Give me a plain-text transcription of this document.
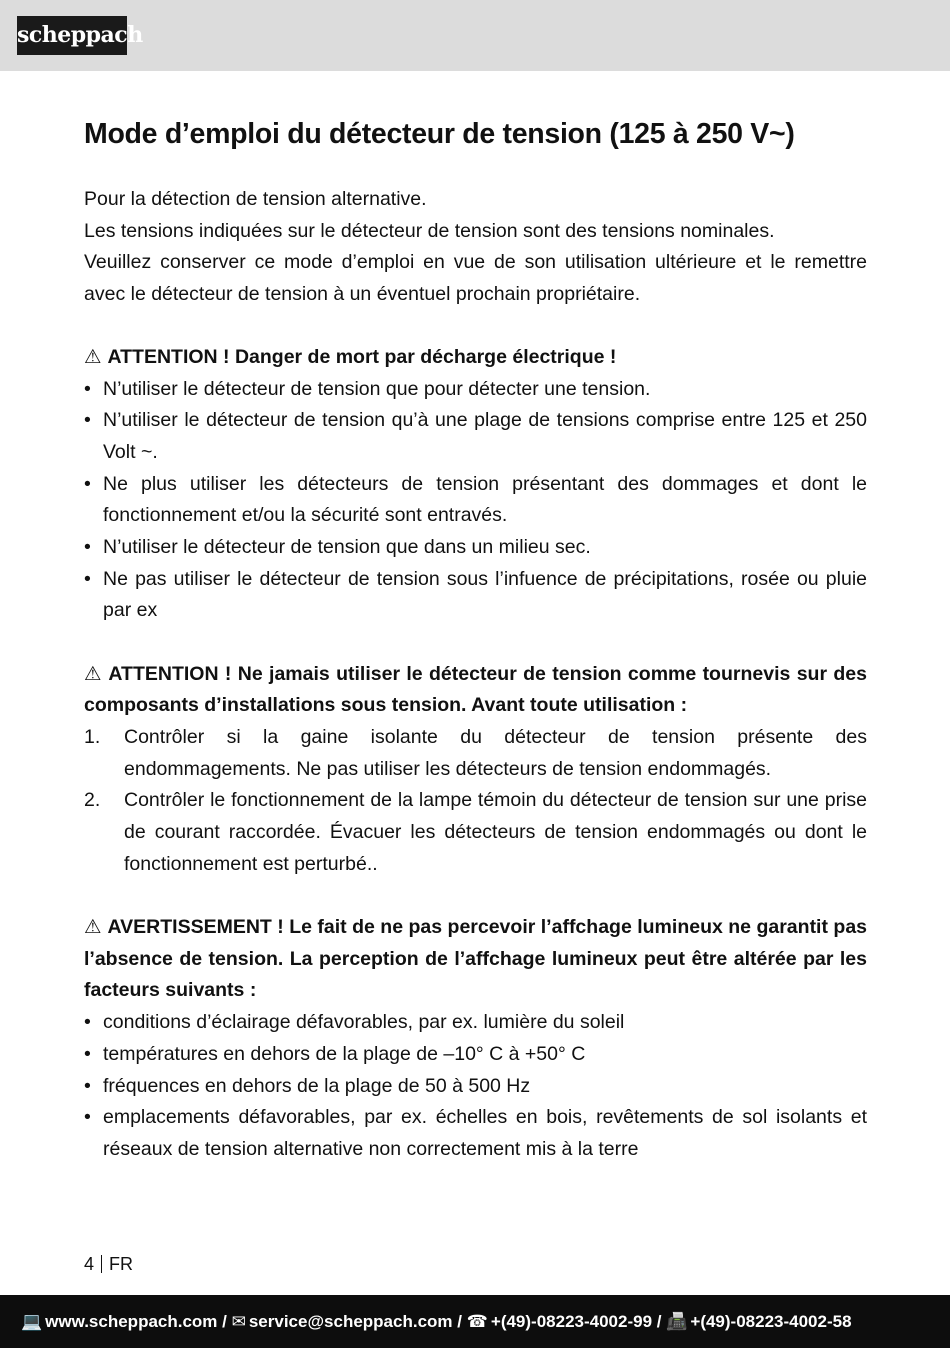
scheppach
Mode d’emploi du détecteur de tension (125 à 250 V~)

Pour la détection de tension alternative.

Les tensions indiquées sur le détecteur de tension sont des tensions nominales.

Veuillez conserver ce mode d’emploi en vue de son utilisation ultérieure et le remettre avec le détecteur de tension à un éventuel prochain propriétaire.

⚠ ATTENTION ! Danger de mort par décharge électrique !

• N’utiliser le détecteur de tension que pour détecter une tension.
• N’utiliser le détecteur de tension qu’à une plage de tensions comprise entre 125 et 250 Volt ~.
• Ne plus utiliser les détecteurs de tension présentant des dommages et dont le fonctionnement et/ou la sécurité sont entravés.
• N’utiliser le détecteur de tension que dans un milieu sec.
• Ne pas utiliser le détecteur de tension sous l’infuence de précipitations, rosée ou pluie par ex

⚠ ATTENTION ! Ne jamais utiliser le détecteur de tension comme tournevis sur des composants d’installations sous tension. Avant toute utilisation :

1. Contrôler si la gaine isolante du détecteur de tension présente des endommagements. Ne pas utiliser les détecteurs de tension endommagés.
2. Contrôler le fonctionnement de la lampe témoin du détecteur de tension sur une prise de courant raccordée. Évacuer les détecteurs de tension endommagés ou dont le fonctionnement est perturbé..

⚠ AVERTISSEMENT ! Le fait de ne pas percevoir l’affchage lumineux ne garantit pas l’absence de tension. La perception de l’affchage lumineux peut être altérée par les facteurs suivants :

• conditions d’éclairage défavorables, par ex. lumière du soleil
• températures en dehors de la plage de –10° C à +50° C
• fréquences en dehors de la plage de 50 à 500 Hz
• emplacements défavorables, par ex. échelles en bois, revêtements de sol isolants et réseaux de tension alternative non correctement mis à la terre
4 FR
💻 www.scheppach.com / ✉ service@scheppach.com / ☎ +(49)-08223-4002-99 / 📠 +(49)-08223-4002-58
